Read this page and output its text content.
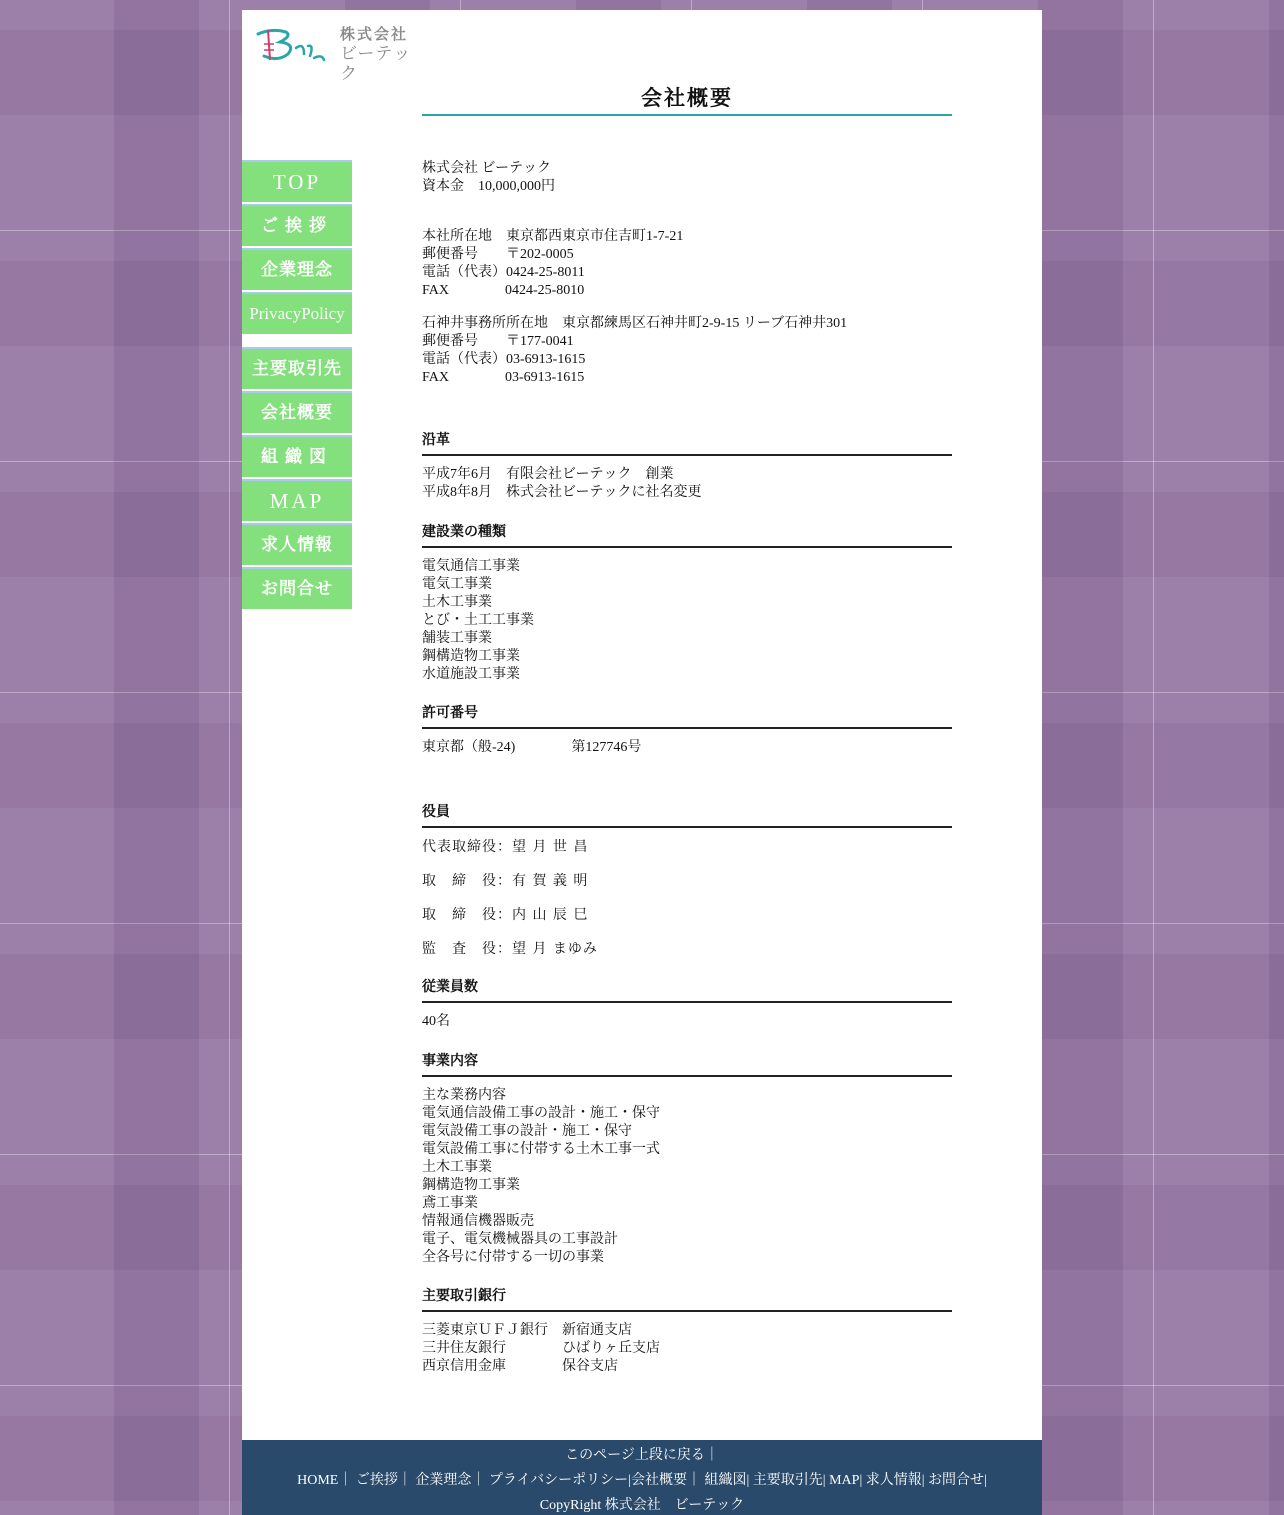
株式会社
ビーテック
会社概要
TOP
ご挨拶
企業理念
PrivacyPolicy
主要取引先
会社概要
組織図
MAP
求人情報
お問合せ
株式会社 ビーテック
資本金　10,000,000円
本社所在地　東京都西東京市住吉町1-7-21
郵便番号　　〒202-0005
電話（代表）0424-25-8011
FAX　　　　0424-25-8010
石神井事務所所在地　東京都練馬区石神井町2-9-15 リーブ石神井301
郵便番号　　〒177-0041
電話（代表）03-6913-1615
FAX　　　　03-6913-1615
沿革
平成7年6月　有限会社ビーテック　創業
平成8年8月　株式会社ビーテックに社名変更
建設業の種類
電気通信工事業
電気工事業
土木工事業
とび・土工工事業
舗装工事業
鋼構造物工事業
水道施設工事業
許可番号
東京都（般-24)　　　　第127746号
役員
代表取締役：望 月 世 昌
取　締　役：有 賀 義 明
取　締　役：内 山 辰 巳
監　査　役：望 月 まゆみ
従業員数
40名
事業内容
主な業務内容
電気通信設備工事の設計・施工・保守
電気設備工事の設計・施工・保守
電気設備工事に付帯する土木工事一式
土木工事業
鋼構造物工事業
鳶工事業
情報通信機器販売
電子、電気機械器具の工事設計
全各号に付帯する一切の事業
主要取引銀行
三菱東京ＵＦＪ銀行　新宿通支店
三井住友銀行　　　　ひばりヶ丘支店
西京信用金庫　　　　保谷支店
このページ上段に戻る｜
HOME｜ ご挨拶｜ 企業理念｜ プライバシーポリシー|会社概要｜ 組織図| 主要取引先| MAP| 求人情報| お問合せ|
CopyRight 株式会社　ビーテック
